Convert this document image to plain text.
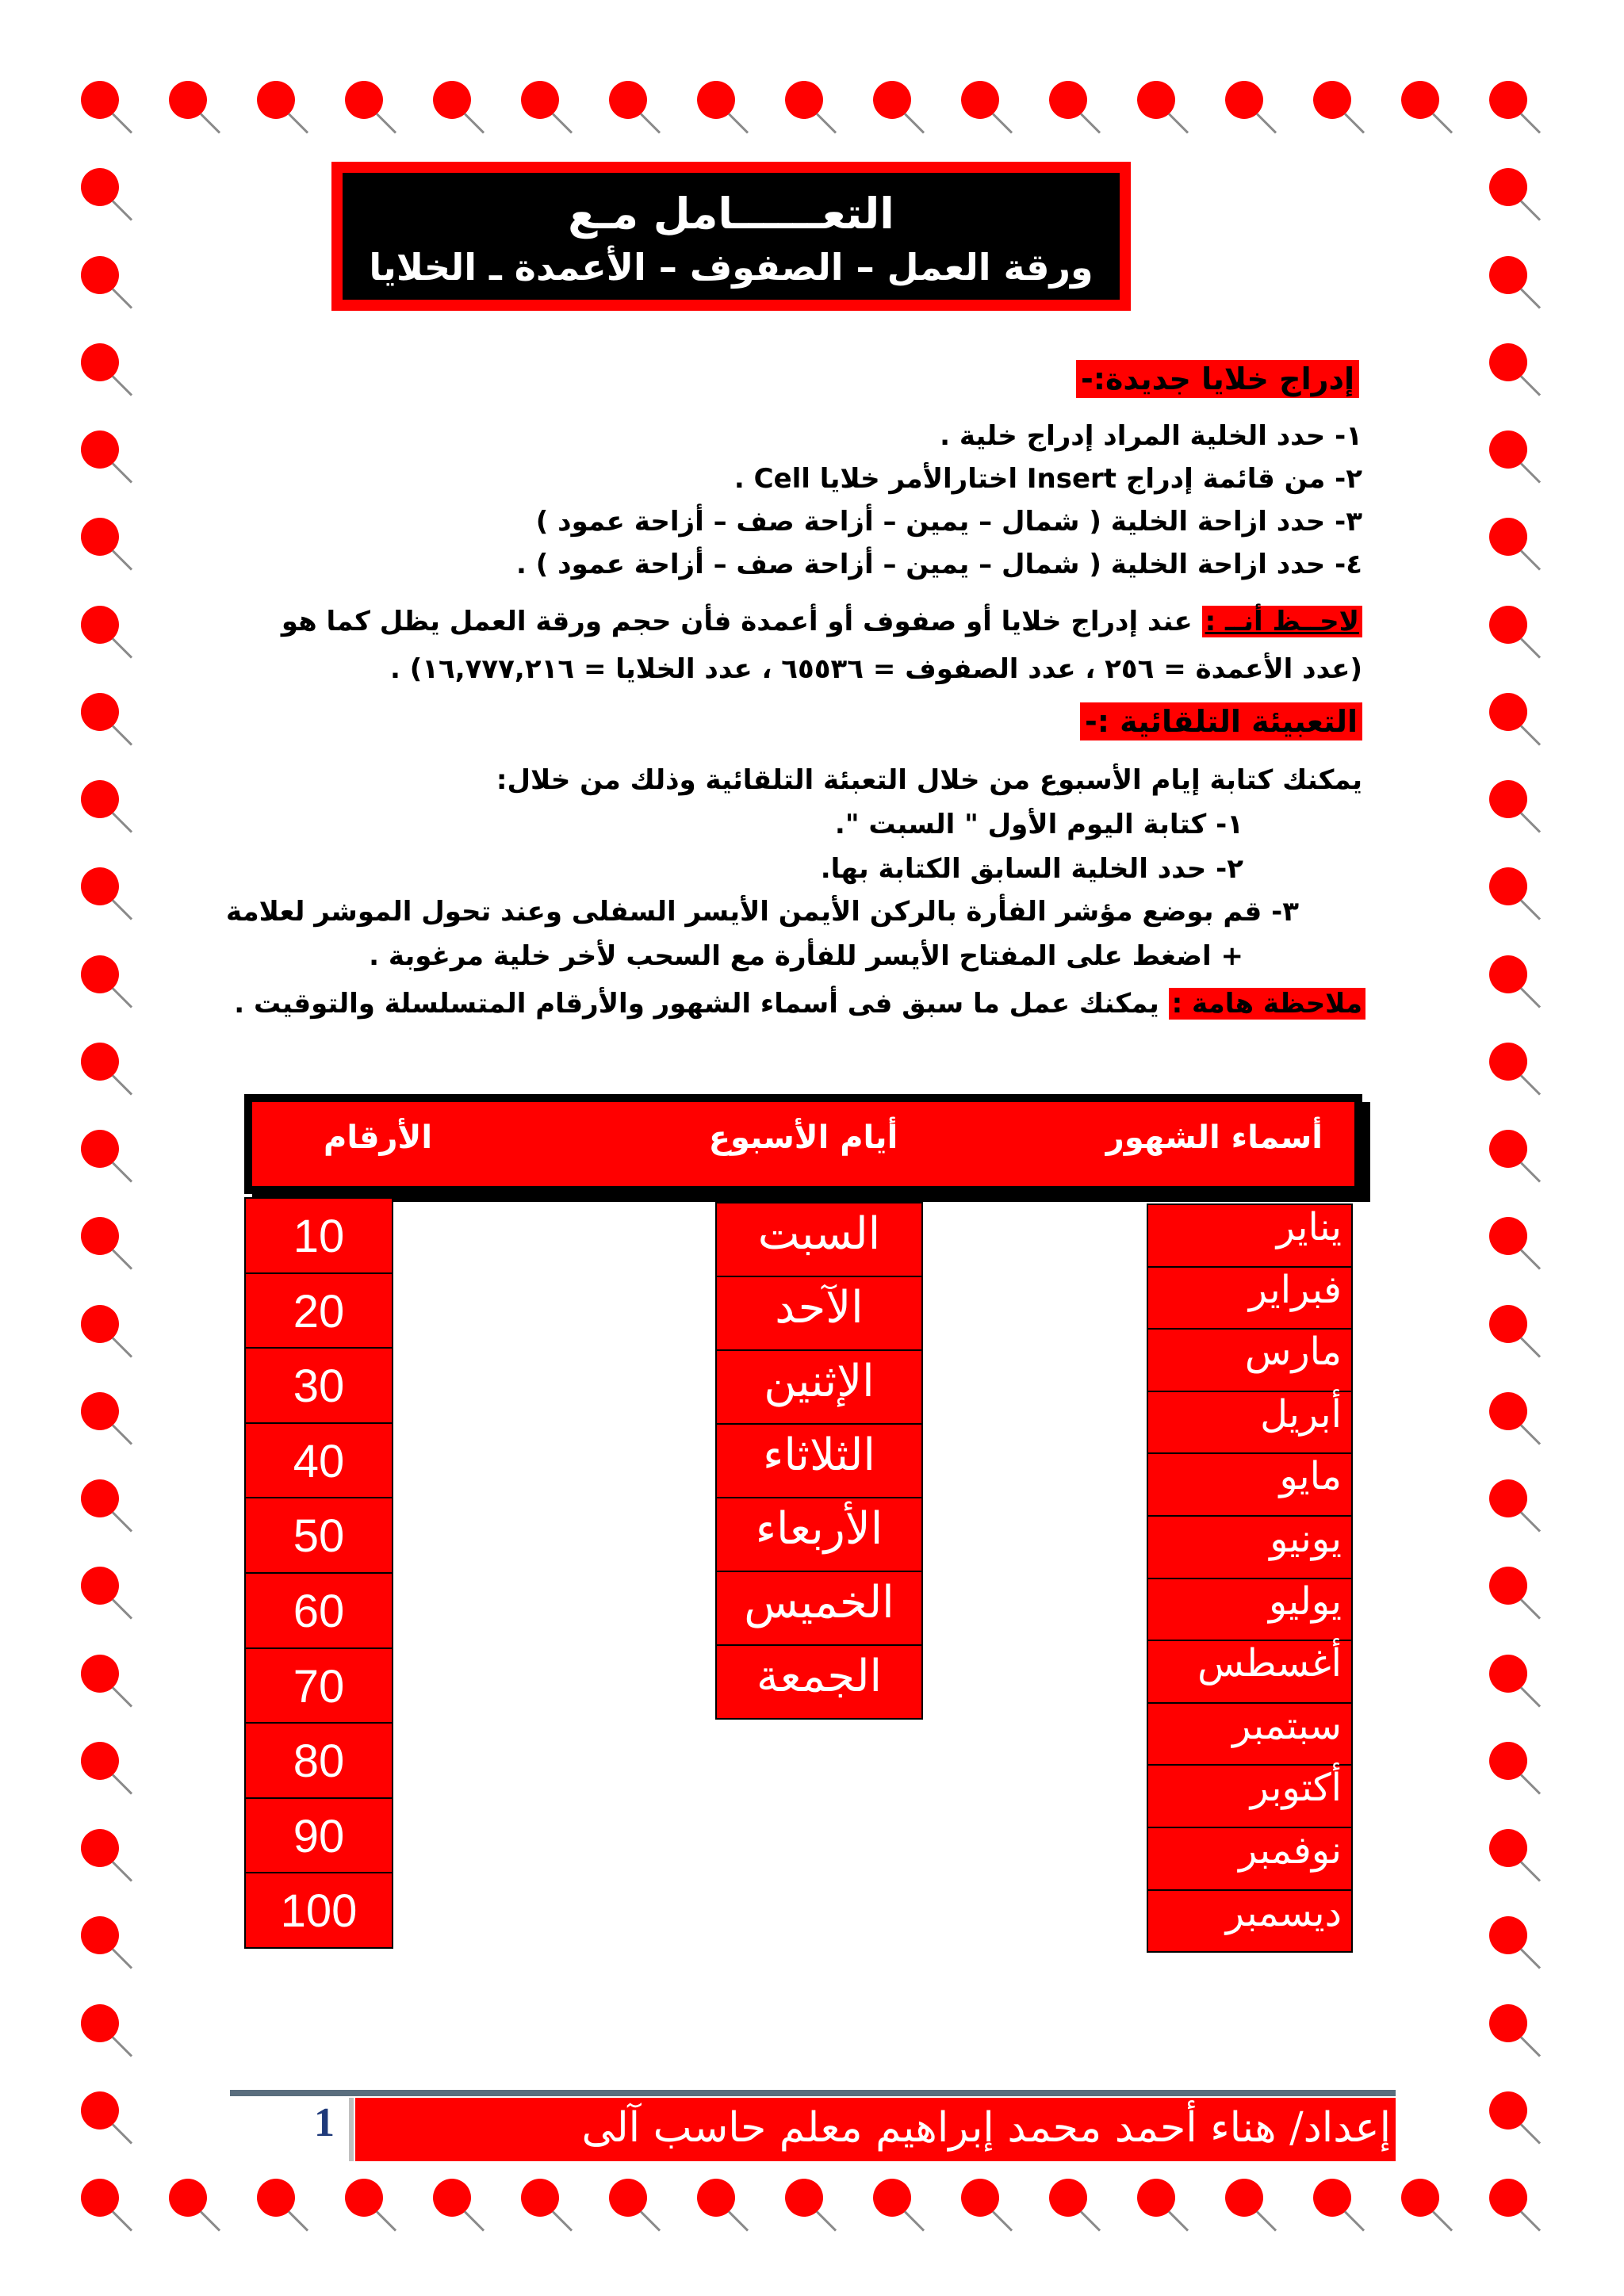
التعــــــامل مـع
ورقة العمل – الصفوف – الأعمدة ـ الخلايا
إدراج خلايا جديدة:-
١- حدد الخلية المراد إدراج خلية .
٢- من قائمة إدراج Insert اختارالأمر خلايا Cell .
٣- حدد ازاحة الخلية ( شمال – يمين – أزاحة صف – أزاحة عمود )
٤- حدد ازاحة الخلية ( شمال – يمين – أزاحة صف – أزاحة عمود ) .
لاحــظ أنــ : عند إدراج خلايا أو صفوف أو أعمدة فأن حجم ورقة العمل يظل كما هو
(عدد الأعمدة = ٢٥٦ ، عدد الصفوف = ٦٥٥٣٦ ، عدد الخلايا = ١٦,٧٧٧,٢١٦) .
التعبيئة التلقائية :-
يمكنك كتابة إيام الأسبوع من خلال التعبئة التلقائية وذلك من خلال:
١- كتابة اليوم الأول " السبت ".
٢- حدد الخلية السابق الكتابة بها.
٣- قم بوضع مؤشر الفأرة بالركن الأيمن الأيسر السفلى وعند تحول الموشر لعلامة
+ اضغط على المفتاح الأيسر للفأرة مع السحب لأخر خلية مرغوبة .
ملاحظة هامة : يمكنك عمل ما سبق فى أسماء الشهور والأرقام المتسلسلة والتوقيت .
أسماء الشهور
أيام الأسبوع
الأرقام
10
20
30
40
50
60
70
80
90
100
السبت
الآحد
الإثنين
الثلاثاء
الأربعاء
الخميس
الجمعة
يناير
فبراير
مارس
أبريل
مايو
يونيو
يوليو
أغسطس
سبتمبر
أكتوبر
نوفمبر
ديسمبر
من إعداد/ هناء أحمد محمد إبراهيم معلم حاسب آلى
1
